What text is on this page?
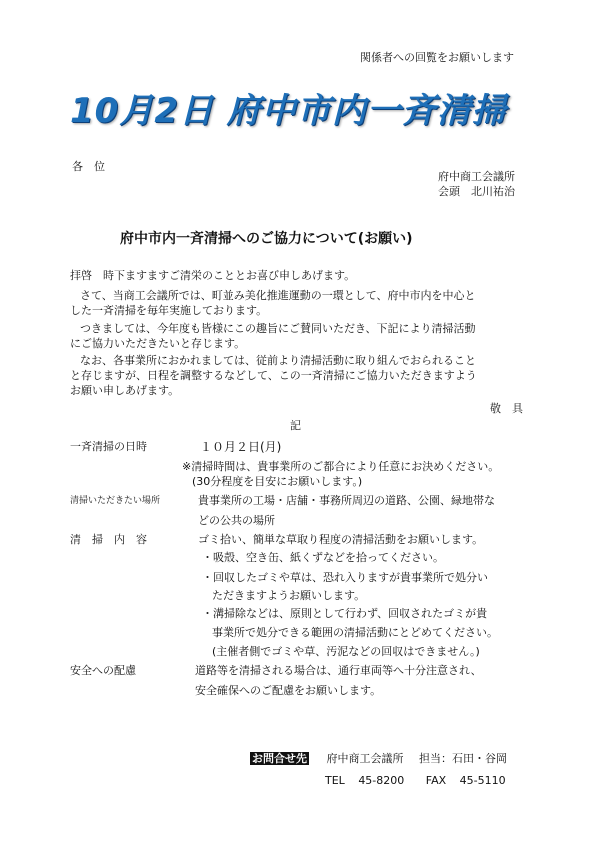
関係者への回覧をお願いします
10月2日 府中市内一斉清掃
各　位
府中商工会議所
会頭　北川祐治
府中市内一斉清掃へのご協力について(お願い)
拝啓　時下ますますご清栄のこととお喜び申しあげます。
さて、当商工会議所では、町並み美化推進運動の一環として、府中市内を中心と
した一斉清掃を毎年実施しております。
つきましては、今年度も皆様にこの趣旨にご賛同いただき、下記により清掃活動
にご協力いただきたいと存じます。
なお、各事業所におかれましては、従前より清掃活動に取り組んでおられること
と存じますが、日程を調整するなどして、この一斉清掃にご協力いただきますよう
お願い申しあげます。
敬　具
記
一斉清掃の日時	１０月２日(月)
※清掃時間は、貴事業所のご都合により任意にお決めください。
(30分程度を目安にお願いします。)
清掃いただきたい場所	貴事業所の工場・店舗・事務所周辺の道路、公園、緑地帯な
どの公共の場所
清　掃　内　容	ゴミ拾い、簡単な草取り程度の清掃活動をお願いします。
・吸殻、空き缶、紙くずなどを拾ってください。
・回収したゴミや草は、恐れ入りますが貴事業所で処分い
ただきますようお願いします。
・溝掃除などは、原則として行わず、回収されたゴミが貴
事業所で処分できる範囲の清掃活動にとどめてください。
(主催者側でゴミや草、汚泥などの回収はできません。)
安全への配慮	道路等を清掃される場合は、通行車両等へ十分注意され、
安全確保へのご配慮をお願いします。
お問合せ先 府中商工会議所 担当：石田・谷岡
TEL 45-8200 FAX 45-5110
